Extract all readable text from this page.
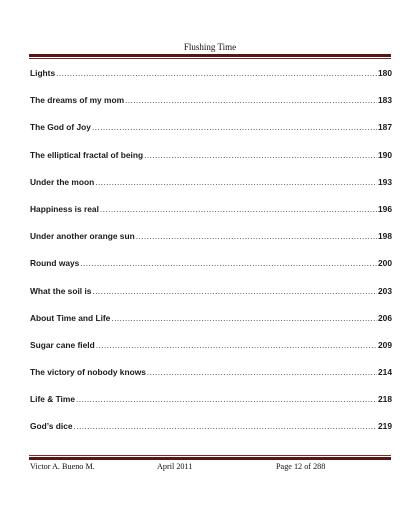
Flushing Time
Lights .....	180
The dreams of my mom .....	183
The God of Joy .....	187
The elliptical fractal of being .....	190
Under the moon .....	193
Happiness is real .....	196
Under another orange sun .....	198
Round ways .....	200
What the soil is .....	203
About Time and Life .....	206
Sugar cane field .....	209
The victory of nobody knows .....	214
Life & Time .....	218
God’s dice .....	219
Victor A. Bueno M.	April 2011	Page 12 of 288
